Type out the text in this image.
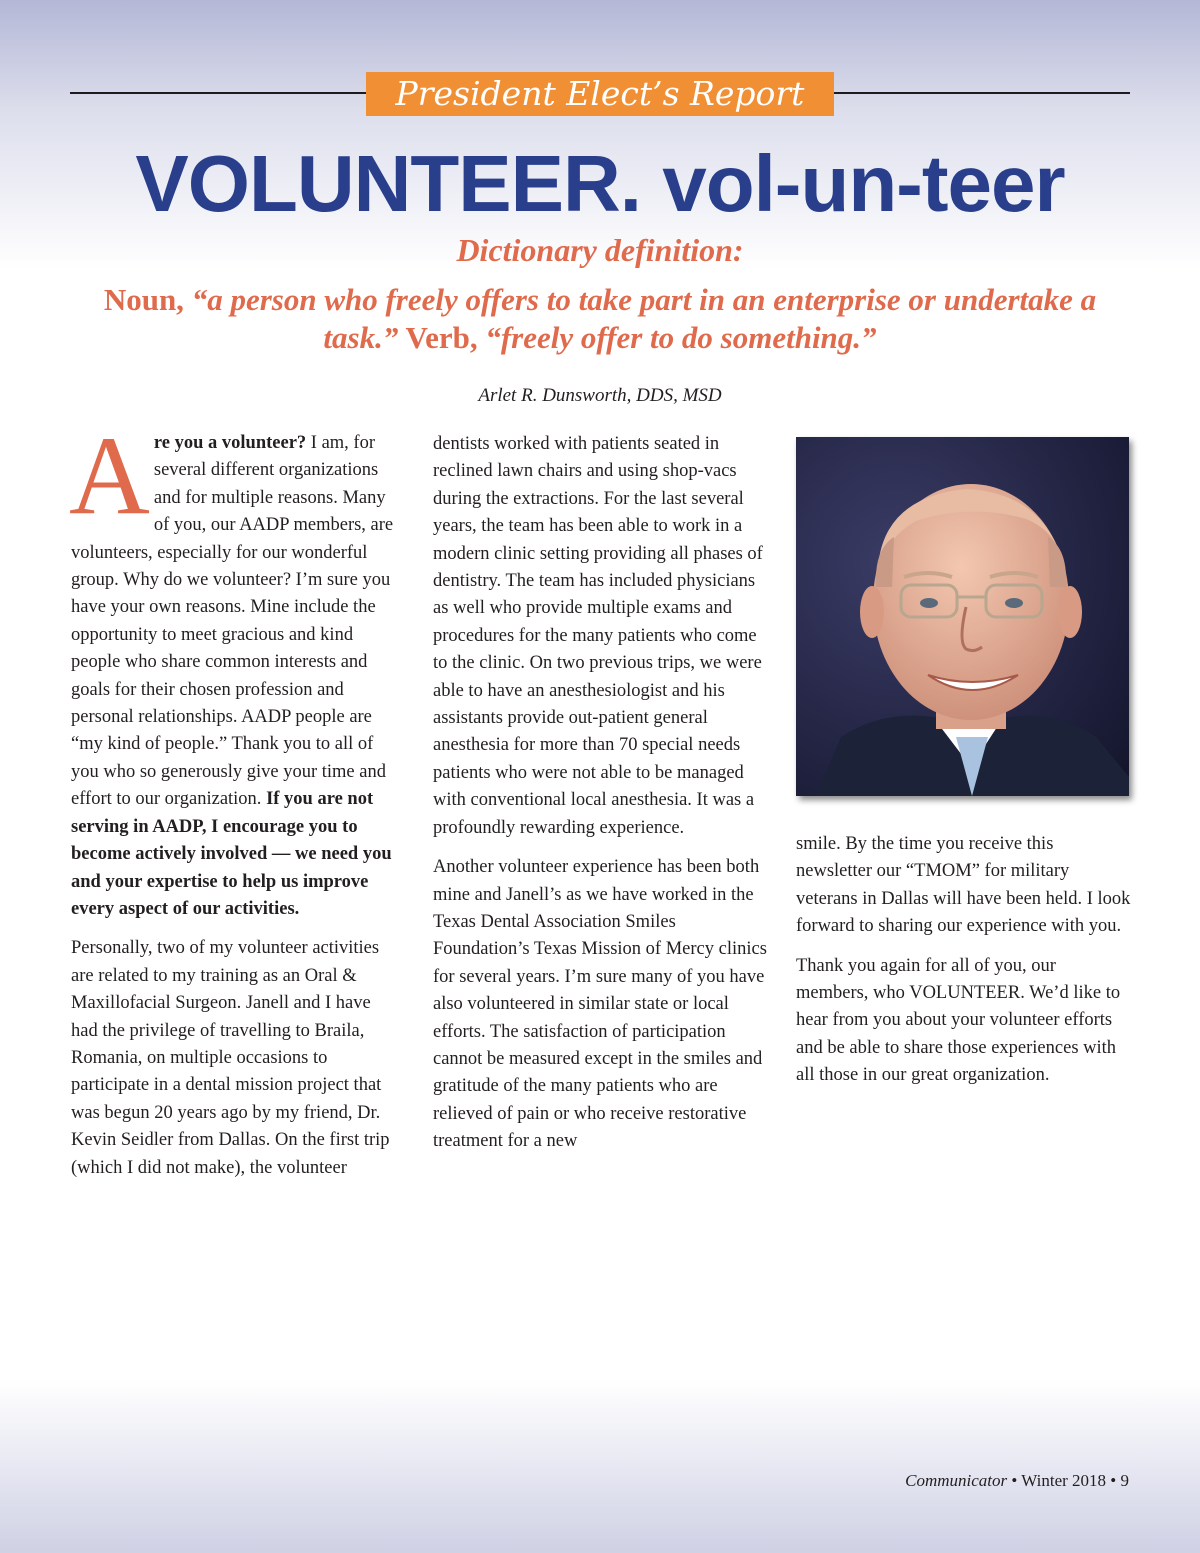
President Elect’s Report
VOLUNTEER. vol-un-teer
Dictionary definition:
Noun, “a person who freely offers to take part in an enterprise or undertake a task.” Verb, “freely offer to do something.”
Arlet R. Dunsworth, DDS, MSD

Are you a volunteer? I am, for several different organizations and for multiple reasons. Many of you, our AADP members, are volunteers, especially for our wonderful group. Why do we volunteer? I’m sure you have your own reasons. Mine include the opportunity to meet gracious and kind people who share common interests and goals for their chosen profession and personal relationships. AADP people are “my kind of people.” Thank you to all of you who so generously give your time and effort to our organization. If you are not serving in AADP, I encourage you to become actively involved — we need you and your expertise to help us improve every aspect of our activities.

Personally, two of my volunteer activities are related to my training as an Oral & Maxillofacial Surgeon. Janell and I have had the privilege of travelling to Braila, Romania, on multiple occasions to participate in a dental mission project that was begun 20 years ago by my friend, Dr. Kevin Seidler from Dallas. On the first trip (which I did not make), the volunteer

dentists worked with patients seated in reclined lawn chairs and using shop-vacs during the extractions. For the last several years, the team has been able to work in a modern clinic setting providing all phases of dentistry. The team has included physicians as well who provide multiple exams and procedures for the many patients who come to the clinic. On two previous trips, we were able to have an anesthesiologist and his assistants provide out-patient general anesthesia for more than 70 special needs patients who were not able to be managed with conventional local anesthesia. It was a profoundly rewarding experience.

Another volunteer experience has been both mine and Janell’s as we have worked in the Texas Dental Association Smiles Foundation’s Texas Mission of Mercy clinics for several years. I’m sure many of you have also volunteered in similar state or local efforts. The satisfaction of participation cannot be measured except in the smiles and gratitude of the many patients who are relieved of pain or who receive restorative treatment for a new

smile. By the time you receive this newsletter our “TMOM” for military veterans in Dallas will have been held. I look forward to sharing our experience with you.

Thank you again for all of you, our members, who VOLUNTEER. We’d like to hear from you about your volunteer efforts and be able to share those experiences with all those in our great organization.

Communicator • Winter 2018 • 9
